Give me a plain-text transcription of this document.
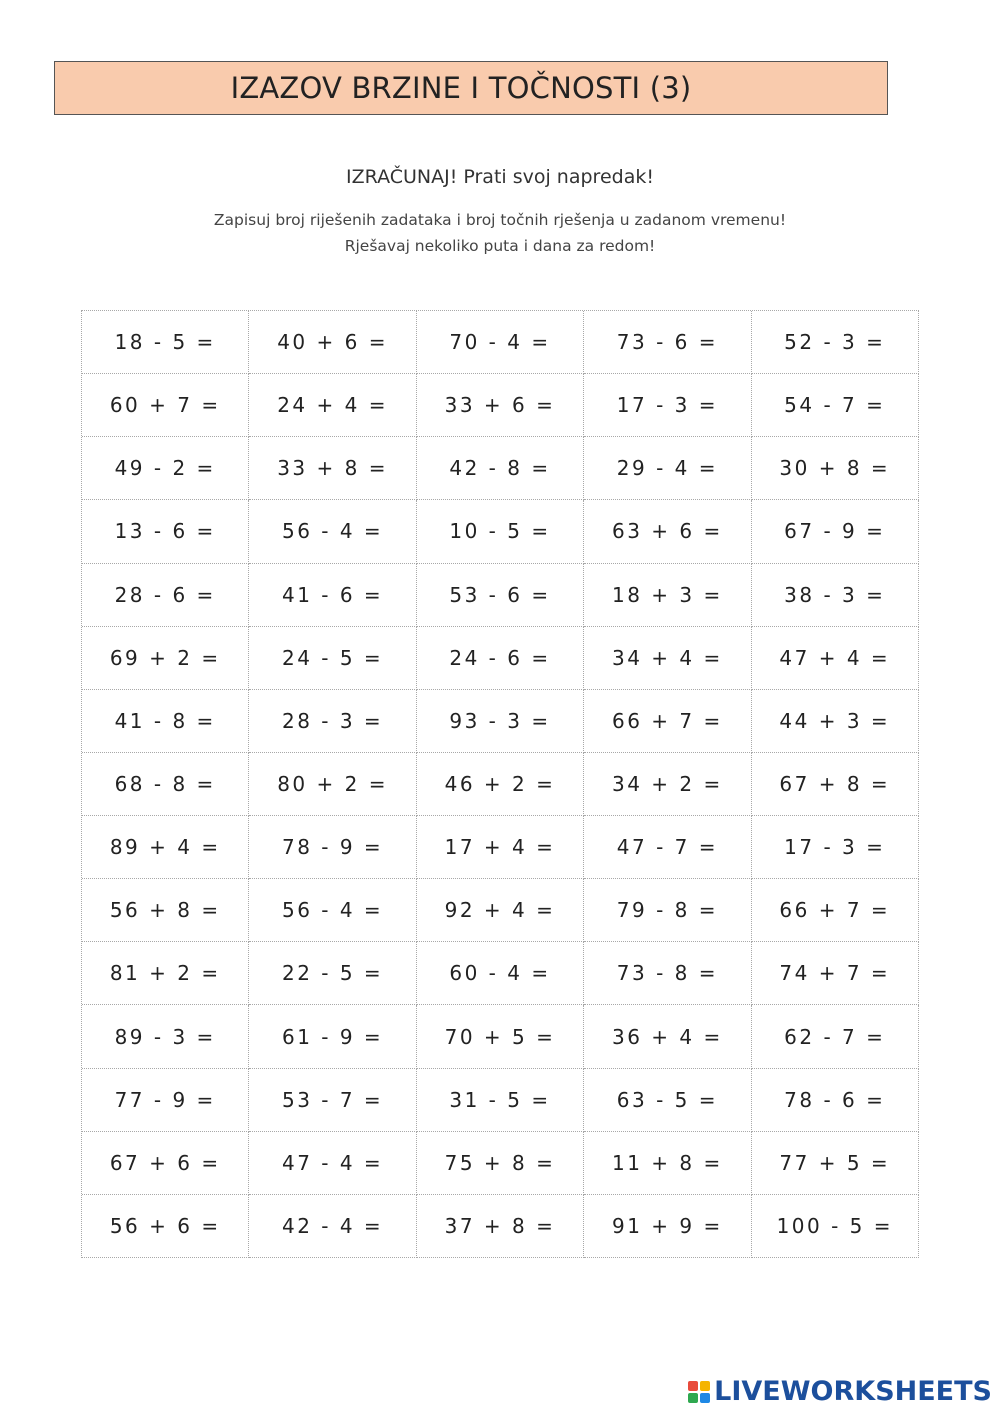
IZAZOV BRZINE I TOČNOSTI (3)
IZRAČUNAJ! Prati svoj napredak!
Zapisuj broj riješenih zadataka i broj točnih rješenja u zadanom vremenu!
Rješavaj nekoliko puta i dana za redom!
18 - 5 =	40 + 6 =	70 - 4 =	73 - 6 =	52 - 3 =
60 + 7 =	24 + 4 =	33 + 6 =	17 - 3 =	54 - 7 =
49 - 2 =	33 + 8 =	42 - 8 =	29 - 4 =	30 + 8 =
13 - 6 =	56 - 4 =	10 - 5 =	63 + 6 =	67 - 9 =
28 - 6 =	41 - 6 =	53 - 6 =	18 + 3 =	38 - 3 =
69 + 2 =	24 - 5 =	24 - 6 =	34 + 4 =	47 + 4 =
41 - 8 =	28 - 3 =	93 - 3 =	66 + 7 =	44 + 3 =
68 - 8 =	80 + 2 =	46 + 2 =	34 + 2 =	67 + 8 =
89 + 4 =	78 - 9 =	17 + 4 =	47 - 7 =	17 - 3 =
56 + 8 =	56 - 4 =	92 + 4 =	79 - 8 =	66 + 7 =
81 + 2 =	22 - 5 =	60 - 4 =	73 - 8 =	74 + 7 =
89 - 3 =	61 - 9 =	70 + 5 =	36 + 4 =	62 - 7 =
77 - 9 =	53 - 7 =	31 - 5 =	63 - 5 =	78 - 6 =
67 + 6 =	47 - 4 =	75 + 8 =	11 + 8 =	77 + 5 =
56 + 6 =	42 - 4 =	37 + 8 =	91 + 9 =	100 - 5 =
LIVEWORKSHEETS
